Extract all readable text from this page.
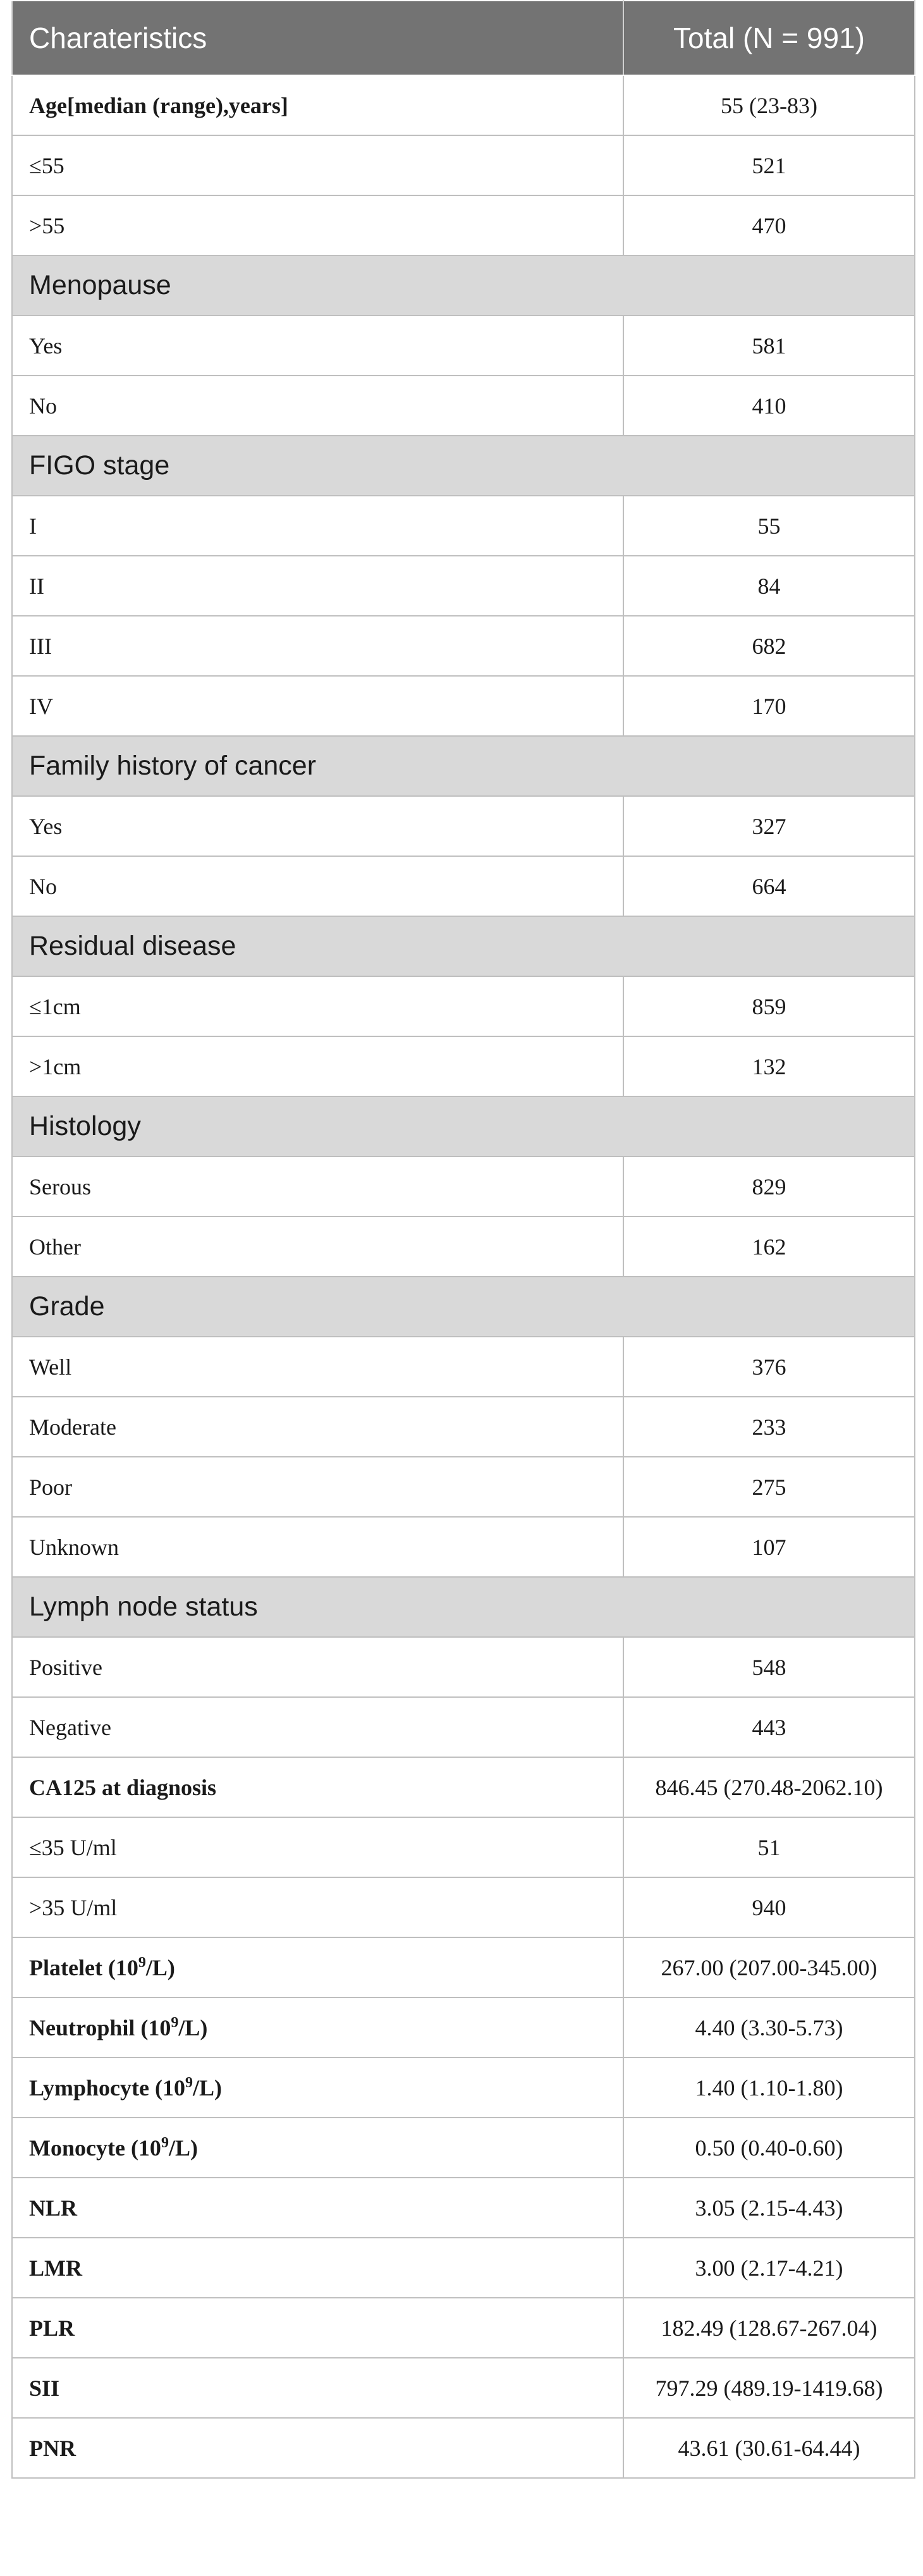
Charateristics	Total (N = 991)
Age[median (range),years]	55 (23-83)
≤55	521
>55	470
Menopause	
Yes	581
No	410
FIGO stage	
I	55
II	84
III	682
IV	170
Family history of cancer	
Yes	327
No	664
Residual disease	
≤1cm	859
>1cm	132
Histology	
Serous	829
Other	162
Grade	
Well	376
Moderate	233
Poor	275
Unknown	107
Lymph node status	
Positive	548
Negative	443
CA125 at diagnosis	846.45 (270.48-2062.10)
≤35 U/ml	51
>35 U/ml	940
Platelet $(10^9/L)$	267.00 (207.00-345.00)
Neutrophil $(10^9/L)$	4.40 (3.30-5.73)
Lymphocyte $(10^9/L)$	1.40 (1.10-1.80)
Monocyte $(10^9/L)$	0.50 (0.40-0.60)
NLR	3.05 (2.15-4.43)
LMR	3.00 (2.17-4.21)
PLR	182.49 (128.67-267.04)
SII	797.29 (489.19-1419.68)
PNR	43.61 (30.61-64.44)
